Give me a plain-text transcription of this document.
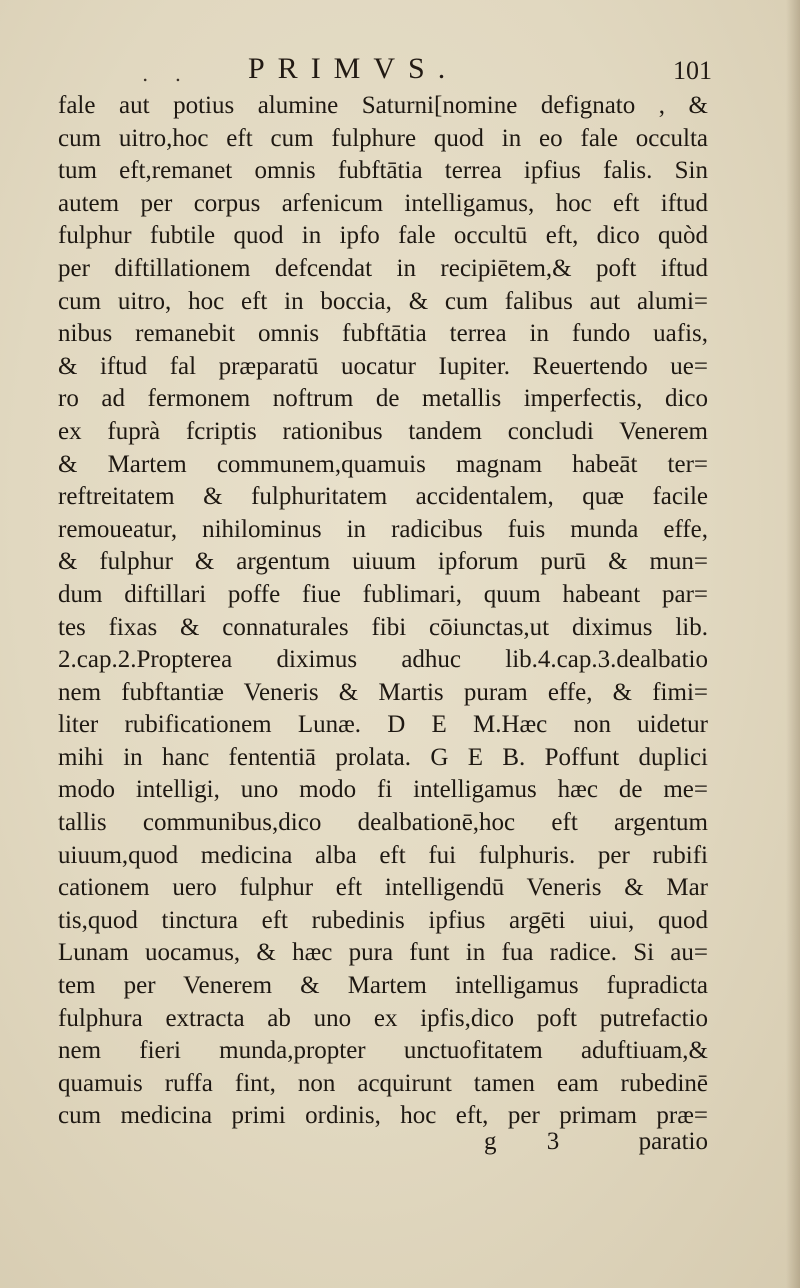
. . PRIMVS.	101
fale aut potius alumine Saturni[nomine defignato , &
cum uitro,hoc eft cum fulphure quod in eo fale occulta
tum eft,remanet omnis fubftātia terrea ipfius falis. Sin
autem per corpus arfenicum intelligamus, hoc eft iftud
fulphur fubtile quod in ipfo fale occultū eft, dico quòd
per diftillationem defcendat in recipiētem,& poft iftud
cum uitro, hoc eft in boccia, & cum falibus aut alumi=
nibus remanebit omnis fubftātia terrea in fundo uafis,
& iftud fal præparatū uocatur Iupiter. Reuertendo ue=
ro ad fermonem noftrum de metallis imperfectis, dico
ex fuprà fcriptis rationibus tandem concludi Venerem
& Martem communem,quamuis magnam habeāt ter=
reftreitatem & fulphuritatem accidentalem, quæ facile
remoueatur, nihilominus in radicibus fuis munda effe,
& fulphur & argentum uiuum ipforum purū & mun=
dum diftillari poffe fiue fublimari, quum habeant par=
tes fixas & connaturales fibi cōiunctas,ut diximus lib.
2.cap.2.Propterea diximus adhuc lib.4.cap.3.dealbatio
nem fubftantiæ Veneris & Martis puram effe, & fimi=
liter rubificationem Lunæ. D E M.Hæc non uidetur
mihi in hanc fententiā prolata. G E B. Poffunt duplici
modo intelligi, uno modo fi intelligamus hæc de me=
tallis communibus,dico dealbationē,hoc eft argentum
uiuum,quod medicina alba eft fui fulphuris. per rubifi
cationem uero fulphur eft intelligendū Veneris & Mar
tis,quod tinctura eft rubedinis ipfius argēti uiui, quod
Lunam uocamus, & hæc pura funt in fua radice. Si au=
tem per Venerem & Martem intelligamus fupradicta
fulphura extracta ab uno ex ipfis,dico poft putrefactio
nem fieri munda,propter unctuofitatem aduftiuam,&
quamuis ruffa fint, non acquirunt tamen eam rubedinē
cum medicina primi ordinis, hoc eft, per primam præ=
g 3 paratio
